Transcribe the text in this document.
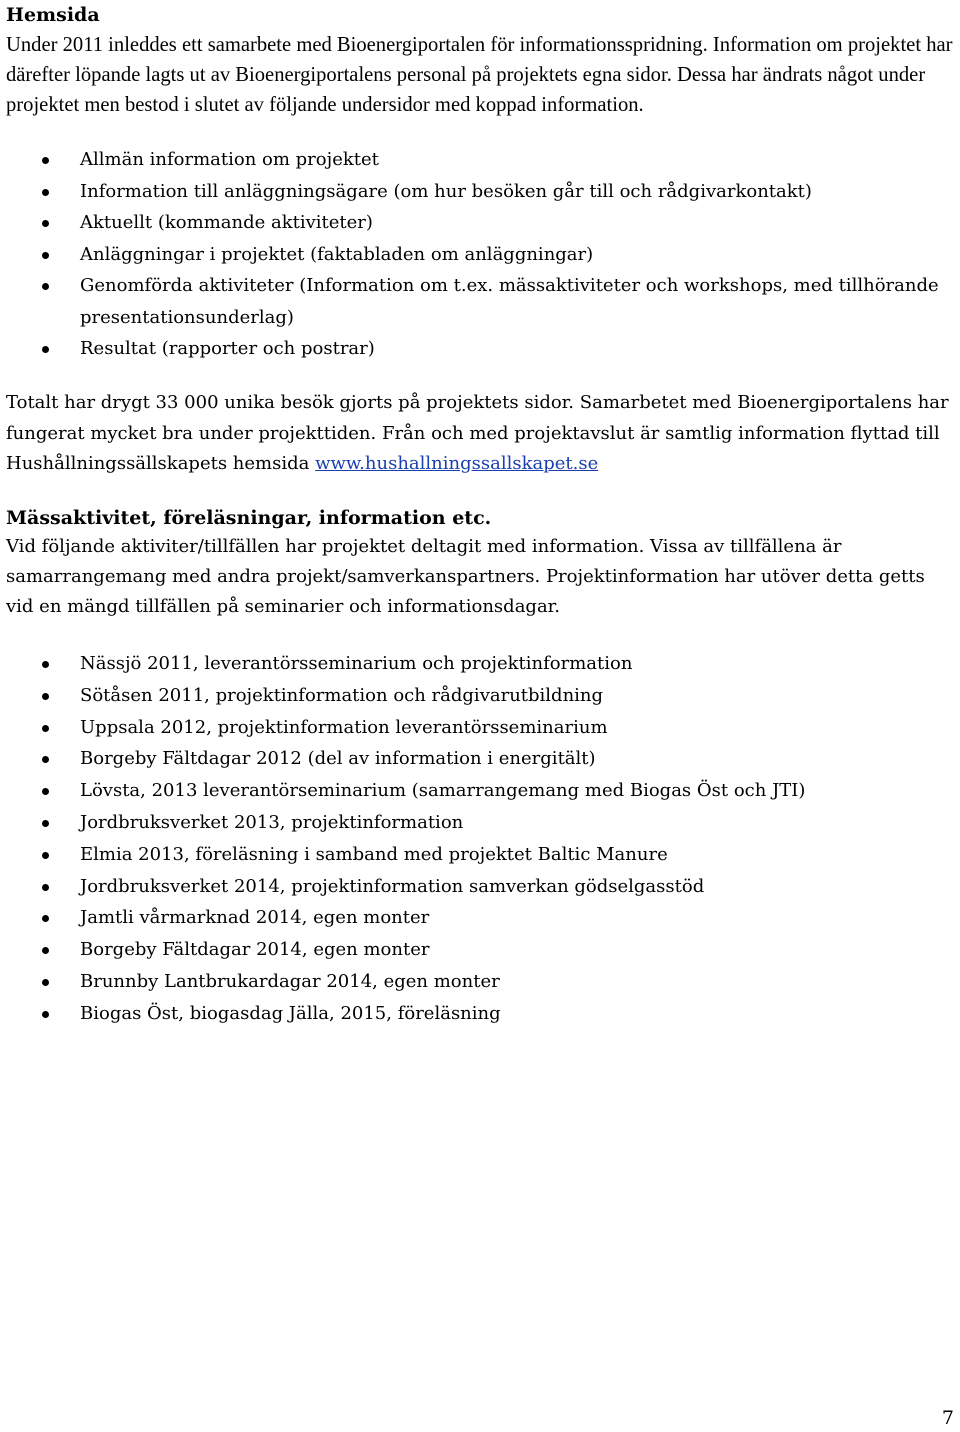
Hemsida

Under 2011 inleddes ett samarbete med Bioenergiportalen för informationsspridning. Information om projektet har därefter löpande lagts ut av Bioenergiportalens personal på projektets egna sidor. Dessa har ändrats något under projektet men bestod i slutet av följande undersidor med koppad information.

Allmän information om projektet
Information till anläggningsägare (om hur besöken går till och rådgivarkontakt)
Aktuellt (kommande aktiviteter)
Anläggningar i projektet (faktabladen om anläggningar)
Genomförda aktiviteter (Information om t.ex. mässaktiviteter och workshops, med tillhörande presentationsunderlag)
Resultat (rapporter och postrar)

Totalt har drygt 33 000 unika besök gjorts på projektets sidor. Samarbetet med Bioenergiportalens har fungerat mycket bra under projekttiden. Från och med projektavslut är samtlig information flyttad till Hushållningssällskapets hemsida www.hushallningssallskapet.se

Mässaktivitet, föreläsningar, information etc.

Vid följande aktiviter/tillfällen har projektet deltagit med information. Vissa av tillfällena är samarrangemang med andra projekt/samverkanspartners. Projektinformation har utöver detta getts vid en mängd tillfällen på seminarier och informationsdagar.

Nässjö 2011, leverantörsseminarium och projektinformation
Sötåsen 2011, projektinformation och rådgivarutbildning
Uppsala 2012, projektinformation leverantörsseminarium
Borgeby Fältdagar 2012 (del av information i energitält)
Lövsta, 2013 leverantörseminarium (samarrangemang med Biogas Öst och JTI)
Jordbruksverket 2013, projektinformation
Elmia 2013, föreläsning i samband med projektet Baltic Manure
Jordbruksverket 2014, projektinformation samverkan gödselgasstöd
Jamtli vårmarknad 2014, egen monter
Borgeby Fältdagar 2014, egen monter
Brunnby Lantbrukardagar 2014, egen monter
Biogas Öst, biogasdag Jälla, 2015, föreläsning
7
